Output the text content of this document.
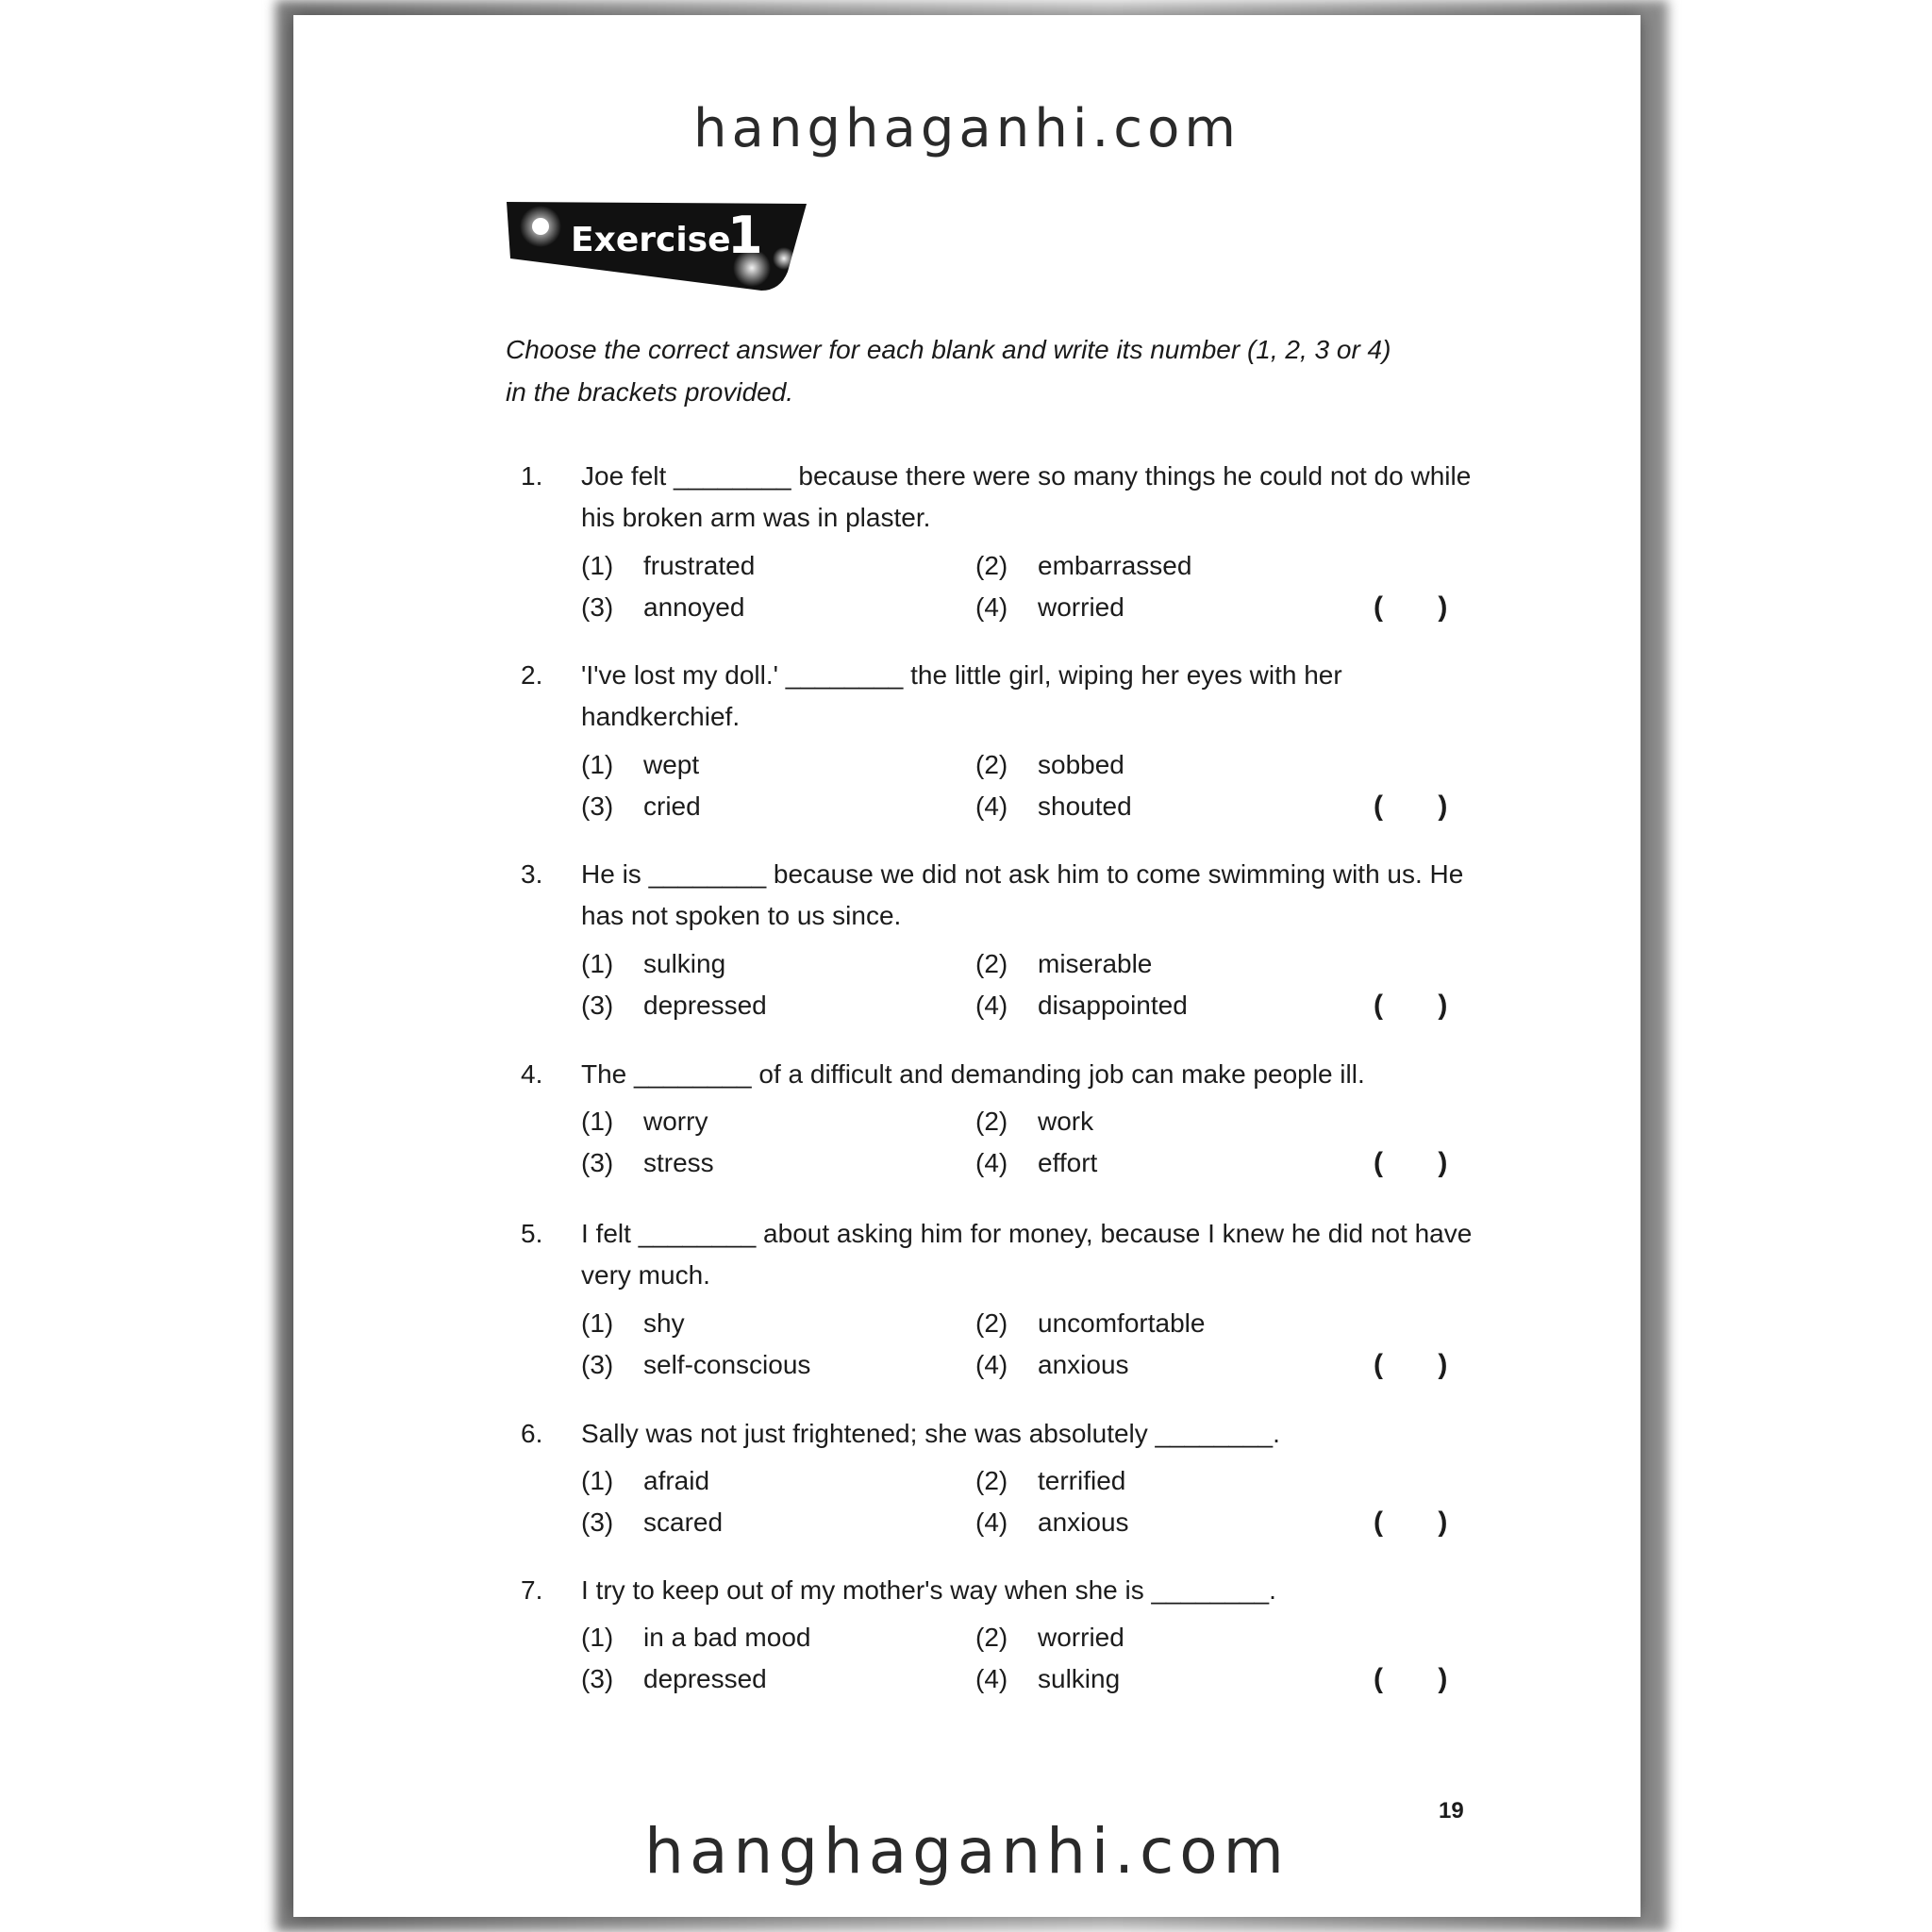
hanghaganhi.com
Exercise
1
Choose the correct answer for each blank and write its number (1, 2, 3 or 4) in the brackets provided.
1. Joe felt ________ because there were so many things he could not do while his broken arm was in plaster.
(1) frustrated	(2) embarrassed
(3) annoyed	(4) worried	(       )
2. 'I've lost my doll.' ________ the little girl, wiping her eyes with her handkerchief.
(1) wept	(2) sobbed
(3) cried	(4) shouted	(       )
3. He is ________ because we did not ask him to come swimming with us. He has not spoken to us since.
(1) sulking	(2) miserable
(3) depressed	(4) disappointed	(       )
4. The ________ of a difficult and demanding job can make people ill.
(1) worry	(2) work
(3) stress	(4) effort	(       )
5. I felt ________ about asking him for money, because I knew he did not have very much.
(1) shy	(2) uncomfortable
(3) self-conscious	(4) anxious	(       )
6. Sally was not just frightened; she was absolutely ________.
(1) afraid	(2) terrified
(3) scared	(4) anxious	(       )
7. I try to keep out of my mother's way when she is ________.
(1) in a bad mood	(2) worried
(3) depressed	(4) sulking	(       )
19
hanghaganhi.com
